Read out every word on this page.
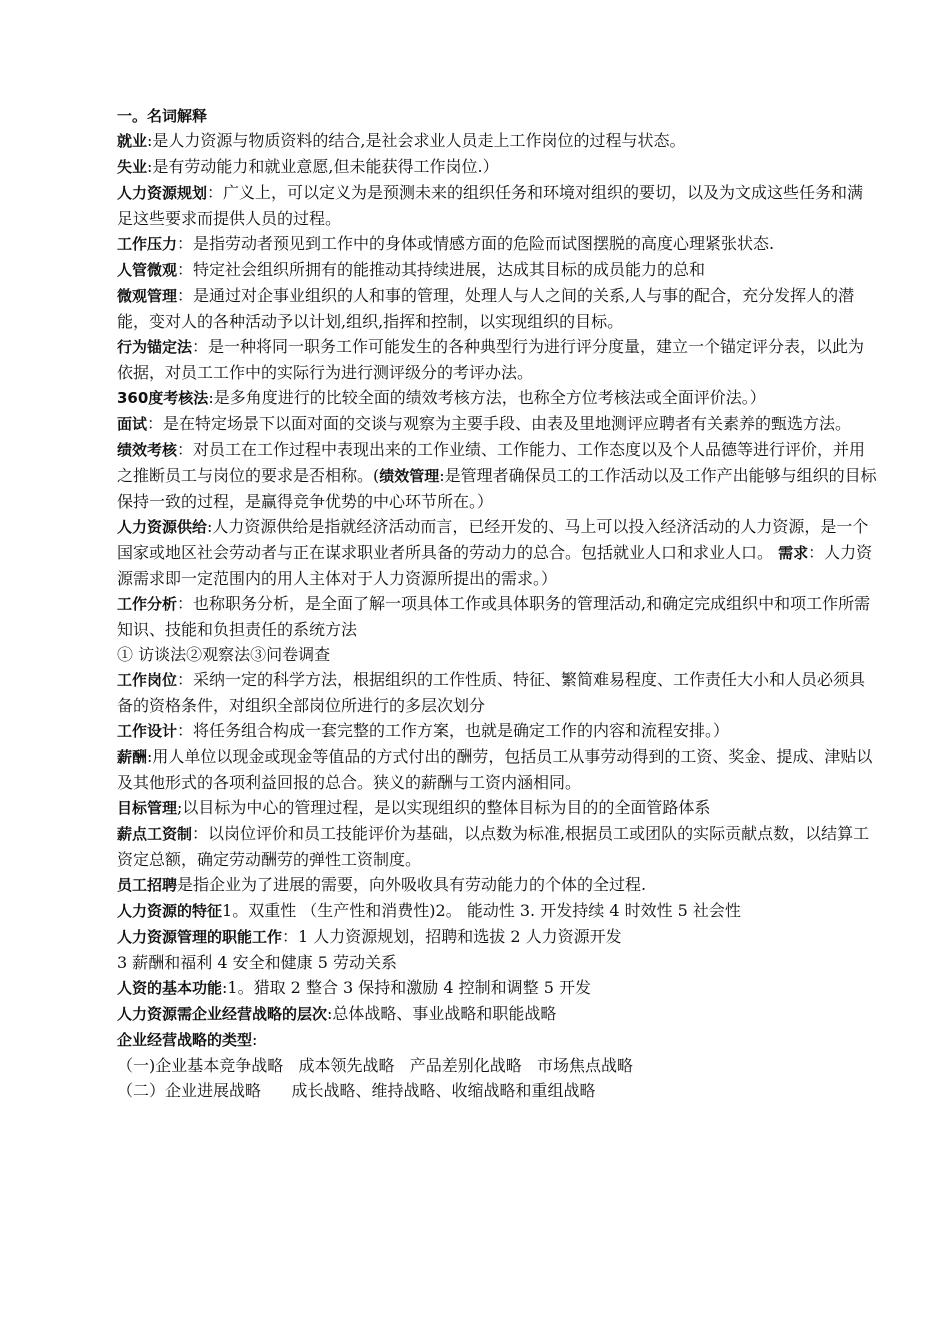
一。名词解释

就业:是人力资源与物质资料的结合,是社会求业人员走上工作岗位的过程与状态。

失业:是有劳动能力和就业意愿,但未能获得工作岗位.）

人力资源规划：广义上，可以定义为是预测未来的组织任务和环境对组织的要切，以及为文成这些任务和满足这些要求而提供人员的过程。

工作压力：是指劳动者预见到工作中的身体或情感方面的危险而试图摆脱的高度心理紧张状态.

人管微观：特定社会组织所拥有的能推动其持续进展，达成其目标的成员能力的总和

微观管理：是通过对企事业组织的人和事的管理，处理人与人之间的关系,人与事的配合，充分发挥人的潜能，变对人的各种活动予以计划,组织,指挥和控制，以实现组织的目标。

行为锚定法：是一种将同一职务工作可能发生的各种典型行为进行评分度量，建立一个锚定评分表，以此为依据，对员工工作中的实际行为进行测评级分的考评办法。

360度考核法:是多角度进行的比较全面的绩效考核方法，也称全方位考核法或全面评价法。）

面试：是在特定场景下以面对面的交谈与观察为主要手段、由表及里地测评应聘者有关素养的甄选方法。

绩效考核：对员工在工作过程中表现出来的工作业绩、工作能力、工作态度以及个人品德等进行评价，并用之推断员工与岗位的要求是否相称。(绩效管理:是管理者确保员工的工作活动以及工作产出能够与组织的目标保持一致的过程，是赢得竞争优势的中心环节所在。）

人力资源供给:人力资源供给是指就经济活动而言，已经开发的、马上可以投入经济活动的人力资源，是一个国家或地区社会劳动者与正在谋求职业者所具备的劳动力的总合。包括就业人口和求业人口。 需求：人力资源需求即一定范围内的用人主体对于人力资源所提出的需求。）

工作分析：也称职务分析，是全面了解一项具体工作或具体职务的管理活动,和确定完成组织中和项工作所需知识、技能和负担责任的系统方法

① 访谈法②观察法③问卷调查

工作岗位：采纳一定的科学方法，根据组织的工作性质、特征、繁简难易程度、工作责任大小和人员必须具备的资格条件，对组织全部岗位所进行的多层次划分

工作设计：将任务组合构成一套完整的工作方案，也就是确定工作的内容和流程安排。）

薪酬:用人单位以现金或现金等值品的方式付出的酬劳，包括员工从事劳动得到的工资、奖金、提成、津贴以及其他形式的各项利益回报的总合。狭义的薪酬与工资内涵相同。

目标管理;以目标为中心的管理过程，是以实现组织的整体目标为目的的全面管路体系

薪点工资制：以岗位评价和员工技能评价为基础，以点数为标准,根据员工或团队的实际贡献点数，以结算工资定总额，确定劳动酬劳的弹性工资制度。

员工招聘是指企业为了进展的需要，向外吸收具有劳动能力的个体的全过程.

人力资源的特征1。双重性 （生产性和消费性)2。 能动性 3. 开发持续 4 时效性 5 社会性

人力资源管理的职能工作：1 人力资源规划，招聘和选拔 2 人力资源开发

3 薪酬和福利 4 安全和健康 5 劳动关系

人资的基本功能:1。猎取 2 整合 3 保持和激励 4 控制和调整 5 开发

人力资源需企业经营战略的层次:总体战略、事业战略和职能战略

企业经营战略的类型:

（一)企业基本竞争战略   成本领先战略   产品差别化战略   市场焦点战略

（二）企业进展战略      成长战略、维持战略、收缩战略和重组战略
